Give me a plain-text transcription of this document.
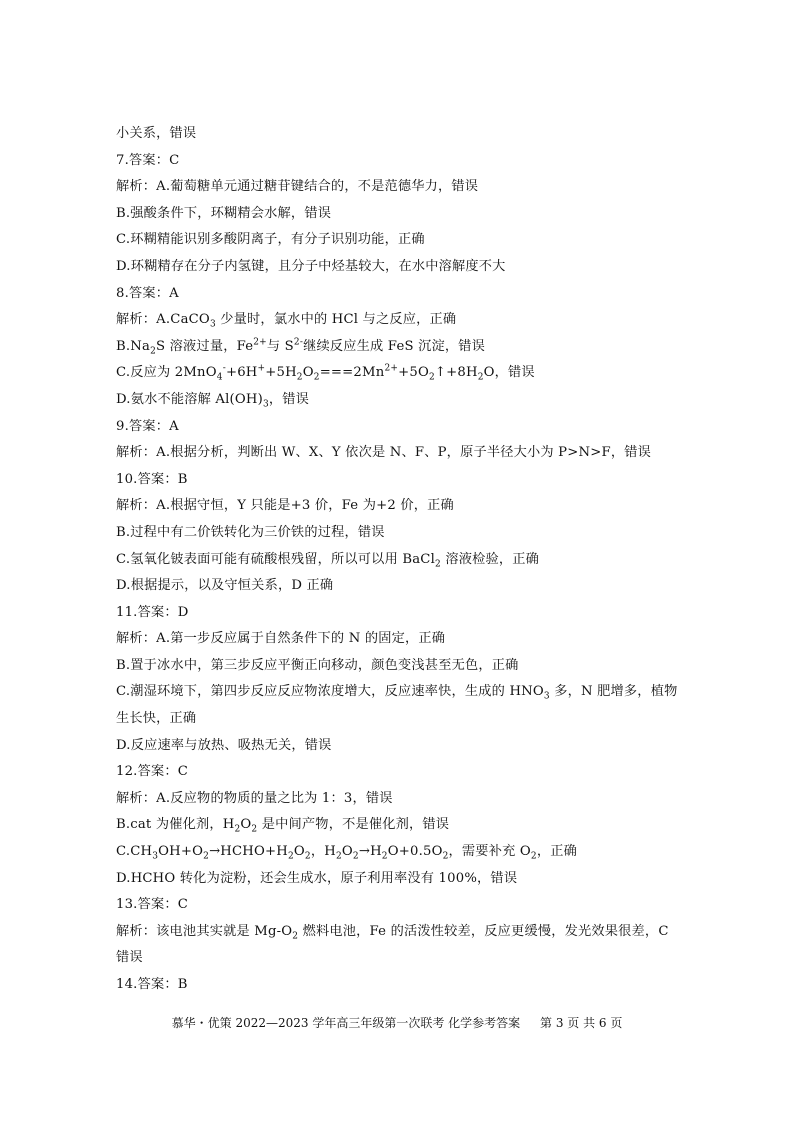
小关系，错误
7.答案：C
解析：A.葡萄糖单元通过糖苷键结合的，不是范德华力，错误
B.强酸条件下，环糊精会水解，错误
C.环糊精能识别多酸阴离子，有分子识别功能，正确
D.环糊精存在分子内氢键，且分子中烃基较大，在水中溶解度不大
8.答案：A
解析：A.CaCO$_3$ 少量时，氯水中的 HCl 与之反应，正确
$B.Na_2S$ 溶液过量，$Fe^{2+}$与 $S^{2-}$继续反应生成 FeS 沉淀，错误
C.反应为 $2MnO_4^-+6H^++5H_2O_2===2Mn^{2+}+5O_2↑+8H_2O$，错误
D.氨水不能溶解 $Al(OH)_3$，错误
9.答案：A
解析：A.根据分析，判断出 W、X、Y 依次是 N、F、P，原子半径大小为 P>N>F，错误
10.答案：B
解析：A.根据守恒，Y 只能是+3 价，Fe 为+2 价，正确
B.过程中有二价铁转化为三价铁的过程，错误
C.氢氧化铍表面可能有硫酸根残留，所以可以用 BaCl$_2$ 溶液检验，正确
D.根据提示，以及守恒关系，D 正确
11.答案：D
解析：A.第一步反应属于自然条件下的 N 的固定，正确
B.置于冰水中，第三步反应平衡正向移动，颜色变浅甚至无色，正确
C.潮湿环境下，第四步反应反应物浓度增大，反应速率快，生成的 $HNO_3$ 多，N 肥增多，植物
生长快，正确
D.反应速率与放热、吸热无关，错误
12.答案：C
解析：A.反应物的物质的量之比为 1：3，错误
B.cat 为催化剂，$H_2O_2$ 是中间产物，不是催化剂，错误
$C.CH_3OH+O_2\to HCHO+H_2O_2$，$H_2O_2\to H_2O+0.5O_2$，需要补充 $O_2$，正确
D.HCHO 转化为淀粉，还会生成水，原子利用率没有 100%，错误
13.答案：C
解析：该电池其实就是 $Mg-O_2$ 燃料电池，Fe 的活泼性较差，反应更缓慢，发光效果很差，C
错误
14.答案：B
慕华・优策 2022—2023 学年高三年级第一次联考 化学参考答案 第 3 页 共 6 页
